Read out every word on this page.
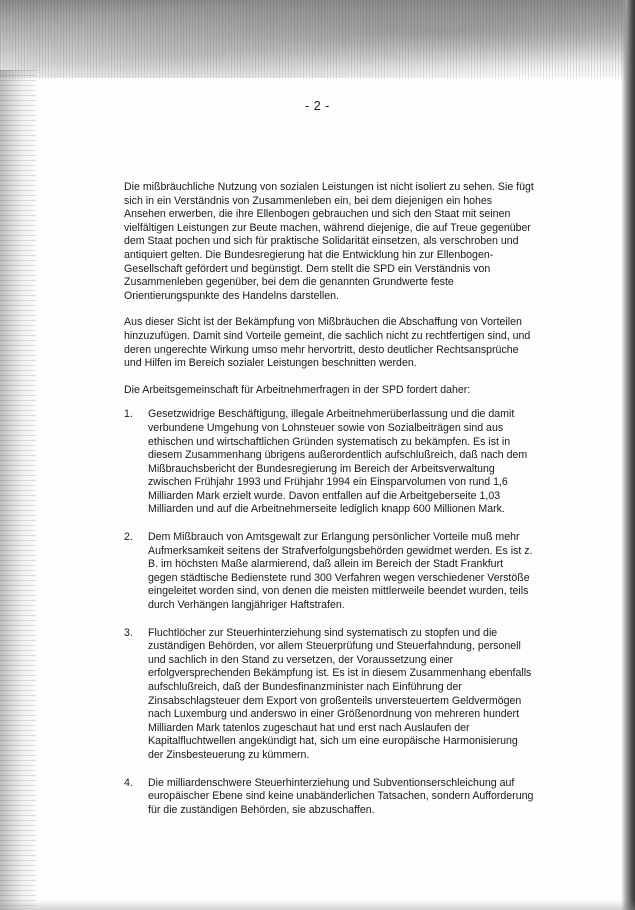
- 2 -

Die mißbräuchliche Nutzung von sozialen Leistungen ist nicht isoliert zu sehen. Sie fügt sich in ein Verständnis von Zusammenleben ein, bei dem diejenigen ein hohes Ansehen erwerben, die ihre Ellenbogen gebrauchen und sich den Staat mit seinen vielfältigen Leistungen zur Beute machen, während diejenige, die auf Treue gegenüber dem Staat pochen und sich für praktische Solidarität einsetzen, als verschroben und antiquiert gelten. Die Bundesregierung hat die Entwicklung hin zur Ellenbogen-Gesellschaft gefördert und begünstigt. Dem stellt die SPD ein Verständnis von Zusammenleben gegenüber, bei dem die genannten Grundwerte feste Orientierungspunkte des Handelns darstellen.

Aus dieser Sicht ist der Bekämpfung von Mißbräuchen die Abschaffung von Vorteilen hinzuzufügen. Damit sind Vorteile gemeint, die sachlich nicht zu rechtfertigen sind, und deren ungerechte Wirkung umso mehr hervortritt, desto deutlicher Rechtsansprüche und Hilfen im Bereich sozialer Leistungen beschnitten werden.

Die Arbeitsgemeinschaft für Arbeitnehmerfragen in der SPD fordert daher:

1. Gesetzwidrige Beschäftigung, illegale Arbeitnehmerüberlassung und die damit verbundene Umgehung von Lohnsteuer sowie von Sozialbeiträgen sind aus ethischen und wirtschaftlichen Gründen systematisch zu bekämpfen. Es ist in diesem Zusammenhang übrigens außerordentlich aufschlußreich, daß nach dem Mißbrauchsbericht der Bundesregierung im Bereich der Arbeitsverwaltung zwischen Frühjahr 1993 und Frühjahr 1994 ein Einsparvolumen von rund 1,6 Milliarden Mark erzielt wurde. Davon entfallen auf die Arbeitgeberseite 1,03 Milliarden und auf die Arbeitnehmerseite lediglich knapp 600 Millionen Mark.
2. Dem Mißbrauch von Amtsgewalt zur Erlangung persönlicher Vorteile muß mehr Aufmerksamkeit seitens der Strafverfolgungsbehörden gewidmet werden. Es ist z. B. im höchsten Maße alarmierend, daß allein im Bereich der Stadt Frankfurt gegen städtische Bedienstete rund 300 Verfahren wegen verschiedener Verstöße eingeleitet worden sind, von denen die meisten mittlerweile beendet wurden, teils durch Verhängen langjähriger Haftstrafen.
3. Fluchtlöcher zur Steuerhinterziehung sind systematisch zu stopfen und die zuständigen Behörden, vor allem Steuerprüfung und Steuerfahndung, personell und sachlich in den Stand zu versetzen, der Voraussetzung einer erfolgversprechenden Bekämpfung ist. Es ist in diesem Zusammenhang ebenfalls aufschlußreich, daß der Bundesfinanzminister nach Einführung der Zinsabschlagsteuer dem Export von großenteils unversteuertem Geldvermögen nach Luxemburg und anderswo in einer Größenordnung von mehreren hundert Milliarden Mark tatenlos zugeschaut hat und erst nach Auslaufen der Kapitalfluchtwellen angekündigt hat, sich um eine europäische Harmonisierung der Zinsbesteuerung zu kümmern.
4. Die milliardenschwere Steuerhinterziehung und Subventionserschleichung auf europäischer Ebene sind keine unabänderlichen Tatsachen, sondern Aufforderung für die zuständigen Behörden, sie abzuschaffen.
